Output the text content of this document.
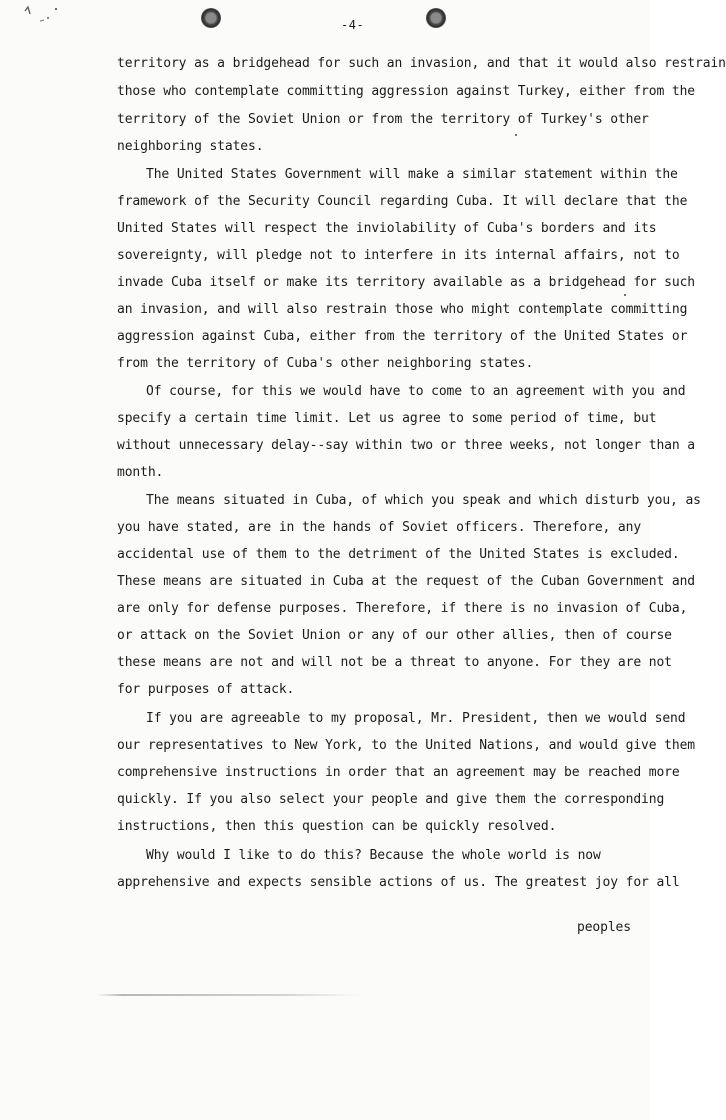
-4-
territory as a bridgehead for such an invasion, and that it would also restrain
those who contemplate committing aggression against Turkey, either from the
territory of the Soviet Union or from the territory of Turkey's other
neighboring states.
The United States Government will make a similar statement within the
framework of the Security Council regarding Cuba. It will declare that the
United States will respect the inviolability of Cuba's borders and its
sovereignty, will pledge not to interfere in its internal affairs, not to
invade Cuba itself or make its territory available as a bridgehead for such
an invasion, and will also restrain those who might contemplate committing
aggression against Cuba, either from the territory of the United States or
from the territory of Cuba's other neighboring states.
Of course, for this we would have to come to an agreement with you and
specify a certain time limit. Let us agree to some period of time, but
without unnecessary delay--say within two or three weeks, not longer than a
month.
The means situated in Cuba, of which you speak and which disturb you, as
you have stated, are in the hands of Soviet officers. Therefore, any
accidental use of them to the detriment of the United States is excluded.
These means are situated in Cuba at the request of the Cuban Government and
are only for defense purposes. Therefore, if there is no invasion of Cuba,
or attack on the Soviet Union or any of our other allies, then of course
these means are not and will not be a threat to anyone. For they are not
for purposes of attack.
If you are agreeable to my proposal, Mr. President, then we would send
our representatives to New York, to the United Nations, and would give them
comprehensive instructions in order that an agreement may be reached more
quickly. If you also select your people and give them the corresponding
instructions, then this question can be quickly resolved.
Why would I like to do this? Because the whole world is now
apprehensive and expects sensible actions of us. The greatest joy for all
peoples
